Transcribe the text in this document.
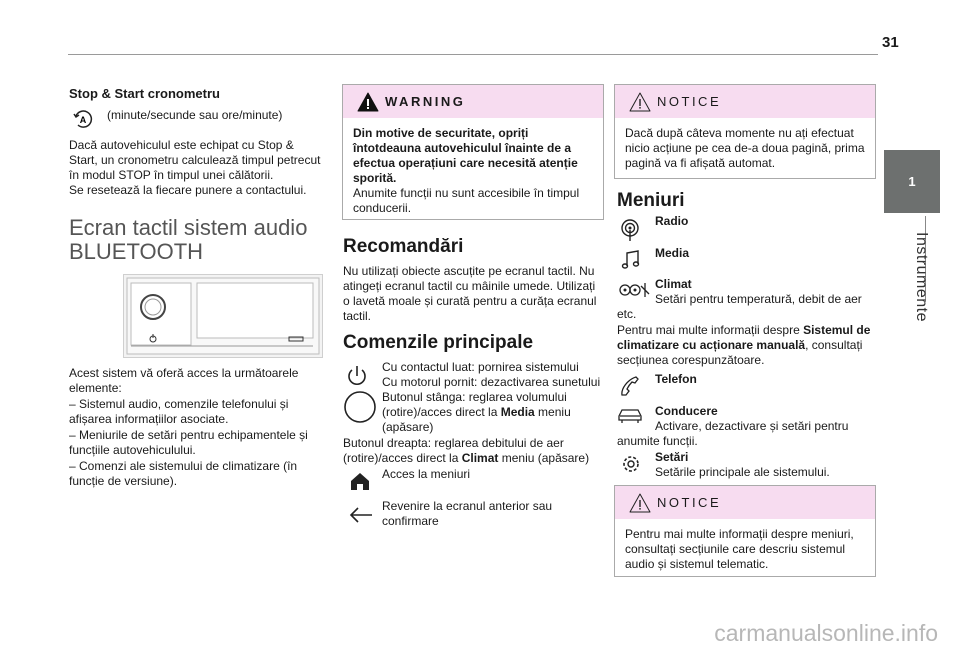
31
1
Instrumente
Stop & Start cronometru
A (minute/secunde sau ore/minute)

Dacă autovehiculul este echipat cu Stop & Start, un cronometru calculează timpul petrecut în modul STOP în timpul unei călătorii.

Se resetează la fiecare punere a contactului.

Ecran tactil sistem audio BLUETOOTH

Acest sistem vă oferă acces la următoarele elemente:

– Sistemul audio, comenzile telefonului și afișarea informațiilor asociate.

– Meniurile de setări pentru echipamentele și funcțiile autovehiculului.

– Comenzi ale sistemului de climatizare (în funcție de versiune).

WARNING
Din motive de securitate, opriți întotdeauna autovehiculul înainte de a efectua operațiuni care necesită atenție sporită.
Anumite funcții nu sunt accesibile în timpul conducerii.
Recomandări

Nu utilizați obiecte ascuțite pe ecranul tactil. Nu atingeți ecranul tactil cu mâinile umede. Utilizați o lavetă moale și curată pentru a curăța ecranul tactil.

Comenzile principale

Cu contactul luat: pornirea sistemului

Cu motorul pornit: dezactivarea sunetului

Butonul stânga: reglarea volumului (rotire)/acces direct la Media meniu (apăsare)

Butonul dreapta: reglarea debitului de aer (rotire)/acces direct la Climat meniu (apăsare)

Acces la meniuri

Revenire la ecranul anterior sau confirmare

NOTICE
Dacă după câteva momente nu ați efectuat nicio acțiune pe cea de-a doua pagină, prima pagină va fi afișată automat.
Meniuri

Radio

Media

Climat

Setări pentru temperatură, debit de aer etc.

Pentru mai multe informații despre Sistemul de climatizare cu acționare manuală, consultați secțiunea corespunzătoare.

Telefon

Conducere

Activare, dezactivare și setări pentru anumite funcții.

Setări

Setările principale ale sistemului.

NOTICE
Pentru mai multe informații despre meniuri, consultați secțiunile care descriu sistemul audio și sistemul telematic.
carmanualsonline.info
